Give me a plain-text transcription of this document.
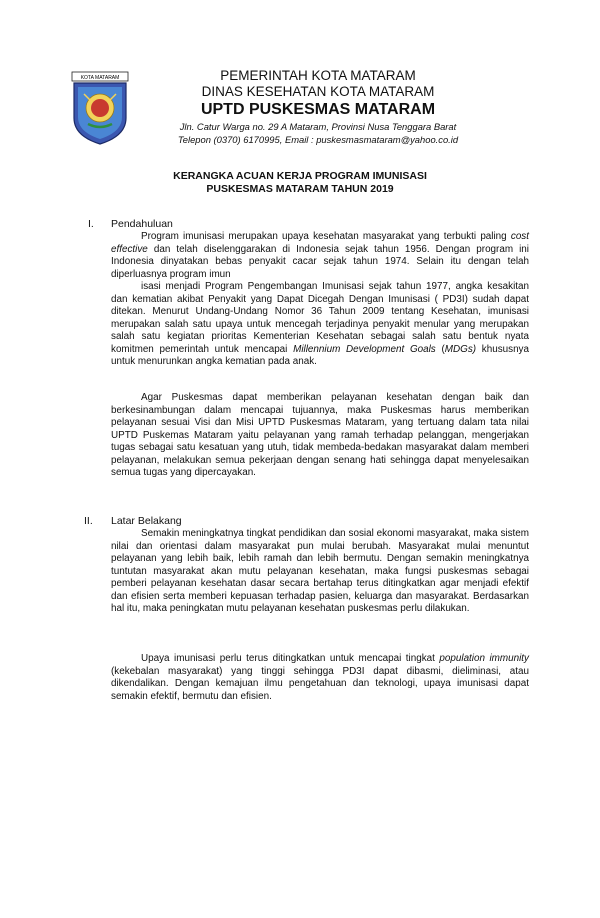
KOTA MATARAM	PEMERINTAH KOTA MATARAM
DINAS KESEHATAN KOTA MATARAM
UPTD PUSKESMAS MATARAM
Jln. Catur Warga no. 29 A Mataram, Provinsi Nusa Tenggara Barat
Telepon (0370) 6170995, Email : puskesmasmataram@yahoo.co.id
KERANGKA ACUAN KERJA PROGRAM IMUNISASI
PUSKESMAS MATARAM TAHUN 2019
I. Pendahuluan

Program imunisasi merupakan upaya kesehatan masyarakat yang terbukti paling cost effective dan telah diselenggarakan di Indonesia sejak tahun 1956. Dengan program ini Indonesia dinyatakan bebas penyakit cacar sejak tahun 1974. Selain itu dengan telah diperluasnya program imun

isasi menjadi Program Pengembangan Imunisasi sejak tahun 1977, angka kesakitan dan kematian akibat Penyakit yang Dapat Dicegah Dengan Imunisasi ( PD3I) sudah dapat ditekan. Menurut Undang-Undang Nomor 36 Tahun 2009 tentang Kesehatan, imunisasi merupakan salah satu upaya untuk mencegah terjadinya penyakit menular yang merupakan salah satu kegiatan prioritas Kementerian Kesehatan sebagai salah satu bentuk nyata komitmen pemerintah untuk mencapai Millennium Development Goals (MDGs) khususnya untuk menurunkan angka kematian pada anak.

Agar Puskesmas dapat memberikan pelayanan kesehatan dengan baik dan berkesinambungan dalam mencapai tujuannya, maka Puskesmas harus memberikan pelayanan sesuai Visi dan Misi UPTD Puskesmas Mataram, yang tertuang dalam tata nilai UPTD Puskemas Mataram yaitu pelayanan yang ramah terhadap pelanggan, mengerjakan tugas sebagai satu kesatuan yang utuh, tidak membeda-bedakan masyarakat dalam memberi pelayanan, melakukan semua pekerjaan dengan senang hati sehingga dapat menyelesaikan semua tugas yang dipercayakan.

II. Latar Belakang

Semakin meningkatnya tingkat pendidikan dan sosial ekonomi masyarakat, maka sistem nilai dan orientasi dalam masyarakat pun mulai berubah. Masyarakat mulai menuntut pelayanan yang lebih baik, lebih ramah dan lebih bermutu. Dengan semakin meningkatnya tuntutan masyarakat akan mutu pelayanan kesehatan, maka fungsi puskesmas sebagai pemberi pelayanan kesehatan dasar secara bertahap terus ditingkatkan agar menjadi efektif dan efisien serta memberi kepuasan terhadap pasien, keluarga dan masyarakat. Berdasarkan hal itu, maka peningkatan mutu pelayanan kesehatan puskesmas perlu dilakukan.

Upaya imunisasi perlu terus ditingkatkan untuk mencapai tingkat population immunity (kekebalan masyarakat) yang tinggi sehingga PD3I dapat dibasmi, dieliminasi, atau dikendalikan. Dengan kemajuan ilmu pengetahuan dan teknologi, upaya imunisasi dapat semakin efektif, bermutu dan efisien.
